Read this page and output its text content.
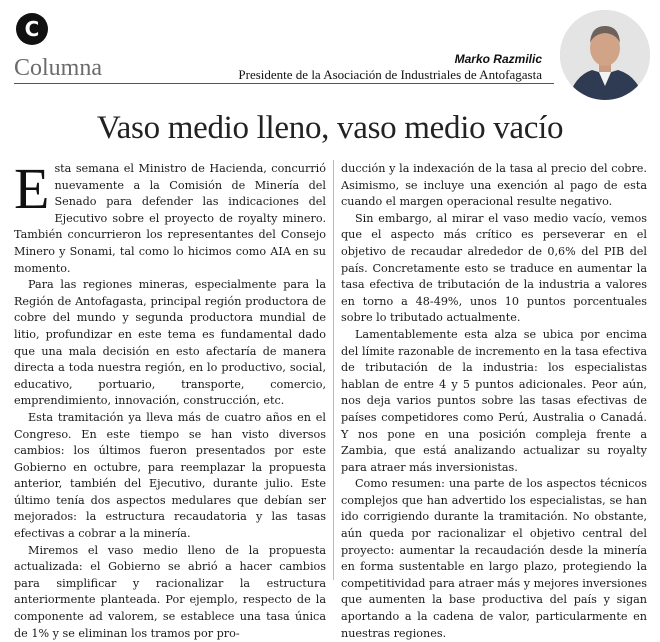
C
Columna	Marko Razmilic
Presidente de la Asociación de Industriales de Antofagasta
Vaso medio lleno, vaso medio vacío

Esta semana el Ministro de Hacienda, concurrió nuevamente a la Comisión de Minería del Senado para defender las indicaciones del Ejecutivo sobre el proyecto de royalty minero. También concurrieron los representantes del Consejo Minero y Sonami, tal como lo hicimos como AIA en su momento.

Para las regiones mineras, especialmente para la Región de Antofagasta, principal región productora de cobre del mundo y segunda productora mundial de litio, profundizar en este tema es fundamental dado que una mala decisión en esto afectaría de manera directa a toda nuestra región, en lo productivo, social, educativo, portuario, transporte, comercio, emprendimiento, innovación, construcción, etc.

Esta tramitación ya lleva más de cuatro años en el Congreso. En este tiempo se han visto diversos cambios: los últimos fueron presentados por este Gobierno en octubre, para reemplazar la propuesta anterior, también del Ejecutivo, durante julio. Este último tenía dos aspectos medulares que debían ser mejorados: la estructura recaudatoria y las tasas efectivas a cobrar a la minería.

Miremos el vaso medio lleno de la propuesta actualizada: el Gobierno se abrió a hacer cambios para simplificar y racionalizar la estructura anteriormente planteada. Por ejemplo, respecto de la componente ad valorem, se establece una tasa única de 1% y se eliminan los tramos por pro-

ducción y la indexación de la tasa al precio del cobre. Asimismo, se incluye una exención al pago de esta cuando el margen operacional resulte negativo.

Sin embargo, al mirar el vaso medio vacío, vemos que el aspecto más crítico es perseverar en el objetivo de recaudar alrededor de 0,6% del PIB del país. Concretamente esto se traduce en aumentar la tasa efectiva de tributación de la industria a valores en torno a 48-49%, unos 10 puntos porcentuales sobre lo tributado actualmente.

Lamentablemente esta alza se ubica por encima del límite razonable de incremento en la tasa efectiva de tributación de la industria: los especialistas hablan de entre 4 y 5 puntos adicionales. Peor aún, nos deja varios puntos sobre las tasas efectivas de países competidores como Perú, Australia o Canadá. Y nos pone en una posición compleja frente a Zambia, que está analizando actualizar su royalty para atraer más inversionistas.

Como resumen: una parte de los aspectos técnicos complejos que han advertido los especialistas, se han ido corrigiendo durante la tramitación. No obstante, aún queda por racionalizar el objetivo central del proyecto: aumentar la recaudación desde la minería en forma sustentable en largo plazo, protegiendo la competitividad para atraer más y mejores inversiones que aumenten la base productiva del país y sigan aportando a la cadena de valor, particularmente en nuestras regiones.
